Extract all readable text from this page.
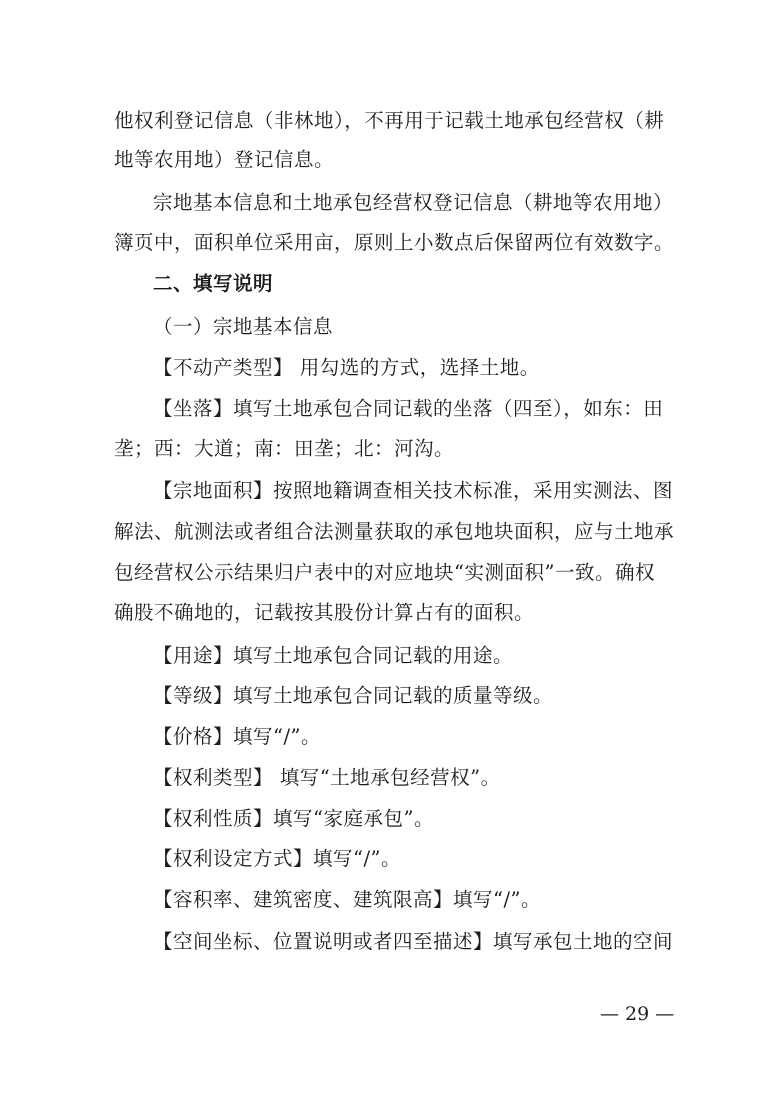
他权利登记信息（非林地），不再用于记载土地承包经营权（耕
地等农用地）登记信息。
宗地基本信息和土地承包经营权登记信息（耕地等农用地）
簿页中，面积单位采用亩，原则上小数点后保留两位有效数字。
二、填写说明
（一）宗地基本信息
【不动产类型】 用勾选的方式，选择土地。
【坐落】填写土地承包合同记载的坐落（四至），如东：田
垄；西：大道；南：田垄；北：河沟。
【宗地面积】按照地籍调查相关技术标准，采用实测法、图
解法、航测法或者组合法测量获取的承包地块面积，应与土地承
包经营权公示结果归户表中的对应地块“实测面积”一致。确权
确股不确地的，记载按其股份计算占有的面积。
【用途】填写土地承包合同记载的用途。
【等级】填写土地承包合同记载的质量等级。
【价格】填写“/”。
【权利类型】 填写“土地承包经营权”。
【权利性质】填写“家庭承包”。
【权利设定方式】填写“/”。
【容积率、建筑密度、建筑限高】填写“/”。
【空间坐标、位置说明或者四至描述】填写承包土地的空间
— 29 —
